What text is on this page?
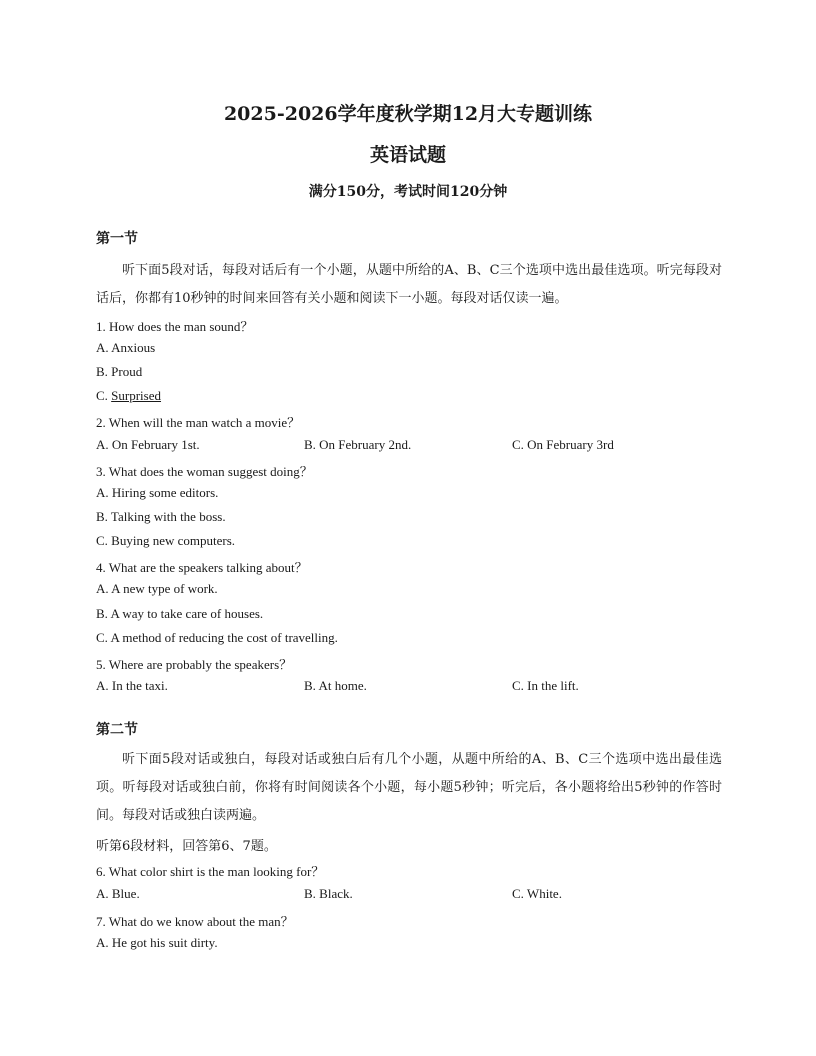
2025-2026学年度秋学期12月大专题训练
英语试题
满分150分，考试时间120分钟
第一节
听下面5段对话，每段对话后有一个小题，从题中所给的A、B、C三个选项中选出最佳选项。听完每段对话后，你都有10秒钟的时间来回答有关小题和阅读下一小题。每段对话仅读一遍。
1. How does the man sound？
A. Anxious
B. Proud
C. Surprised
2. When will the man watch a movie？
A. On February 1st.	B. On February 2nd.	C. On February 3rd
3. What does the woman suggest doing？
A. Hiring some editors.
B. Talking with the boss.
C. Buying new computers.
4. What are the speakers talking about？
A. A new type of work.
B. A way to take care of houses.
C. A method of reducing the cost of travelling.
5. Where are probably the speakers？
A. In the taxi.	B. At home.	C. In the lift.
第二节
听下面5段对话或独白，每段对话或独白后有几个小题，从题中所给的A、B、C三个选项中选出最佳选项。听每段对话或独白前，你将有时间阅读各个小题，每小题5秒钟；听完后，各小题将给出5秒钟的作答时间。每段对话或独白读两遍。
听第6段材料，回答第6、7题。
6. What color shirt is the man looking for？
A. Blue.	B. Black.	C. White.
7. What do we know about the man？
A. He got his suit dirty.
